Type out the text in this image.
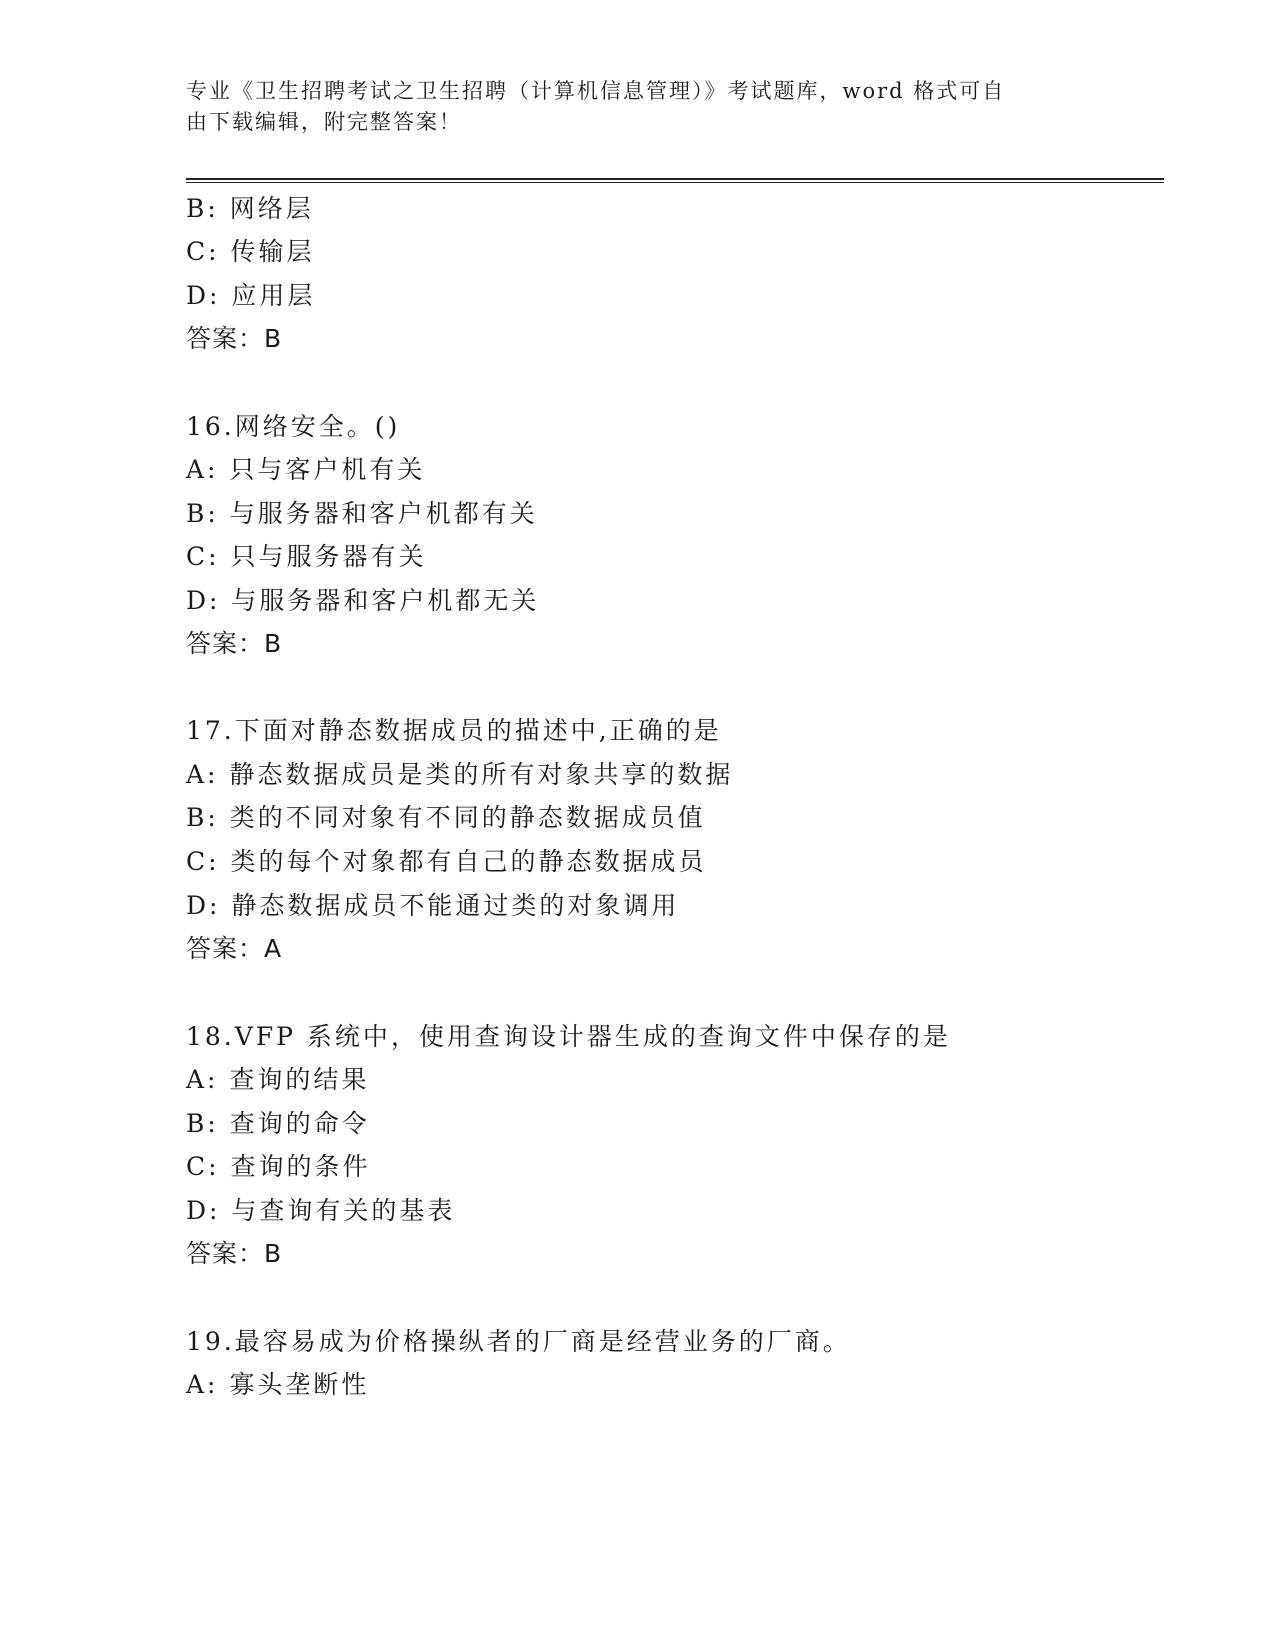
专业《卫生招聘考试之卫生招聘（计算机信息管理）》考试题库，word 格式可自
由下载编辑，附完整答案！
B: 网络层
C: 传输层
D: 应用层
答案：B
16.网络安全。()
A: 只与客户机有关
B: 与服务器和客户机都有关
C: 只与服务器有关
D: 与服务器和客户机都无关
答案：B
17.下面对静态数据成员的描述中,正确的是
A: 静态数据成员是类的所有对象共享的数据
B: 类的不同对象有不同的静态数据成员值
C: 类的每个对象都有自己的静态数据成员
D: 静态数据成员不能通过类的对象调用
答案：A
18.VFP 系统中，使用查询设计器生成的查询文件中保存的是
A: 查询的结果
B: 查询的命令
C: 查询的条件
D: 与查询有关的基表
答案：B
19.最容易成为价格操纵者的厂商是经营业务的厂商。
A: 寡头垄断性
